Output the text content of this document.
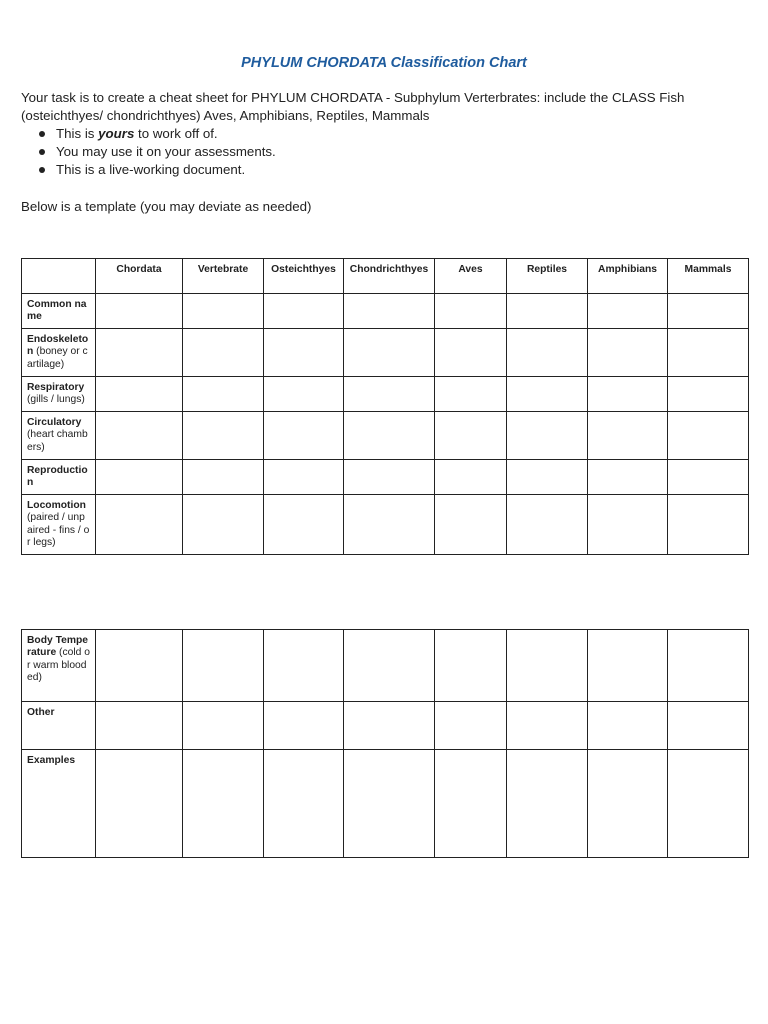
PHYLUM CHORDATA Classification Chart

Your task is to create a cheat sheet for PHYLUM CHORDATA - Subphylum Verterbrates: include the CLASS Fish (osteichthyes/ chondrichthyes) Aves, Amphibians, Reptiles, Mammals

This is yours to work off of.
You may use it on your assessments.
This is a live-working document.

Below is a template (you may deviate as needed)

	Chordata	Vertebrate	Osteichthyes	Chondrichthyes	Aves	Reptiles	Amphibians	Mammals
Common name								
Endoskeleton (boney or cartilage)								
Respiratory (gills / lungs)								
Circulatory (heart chambers)								
Reproduction								
Locomotion (paired / unpaired - fins / or legs)								
Body Temperature (cold or warm blooded)								
Other								
Examples								
